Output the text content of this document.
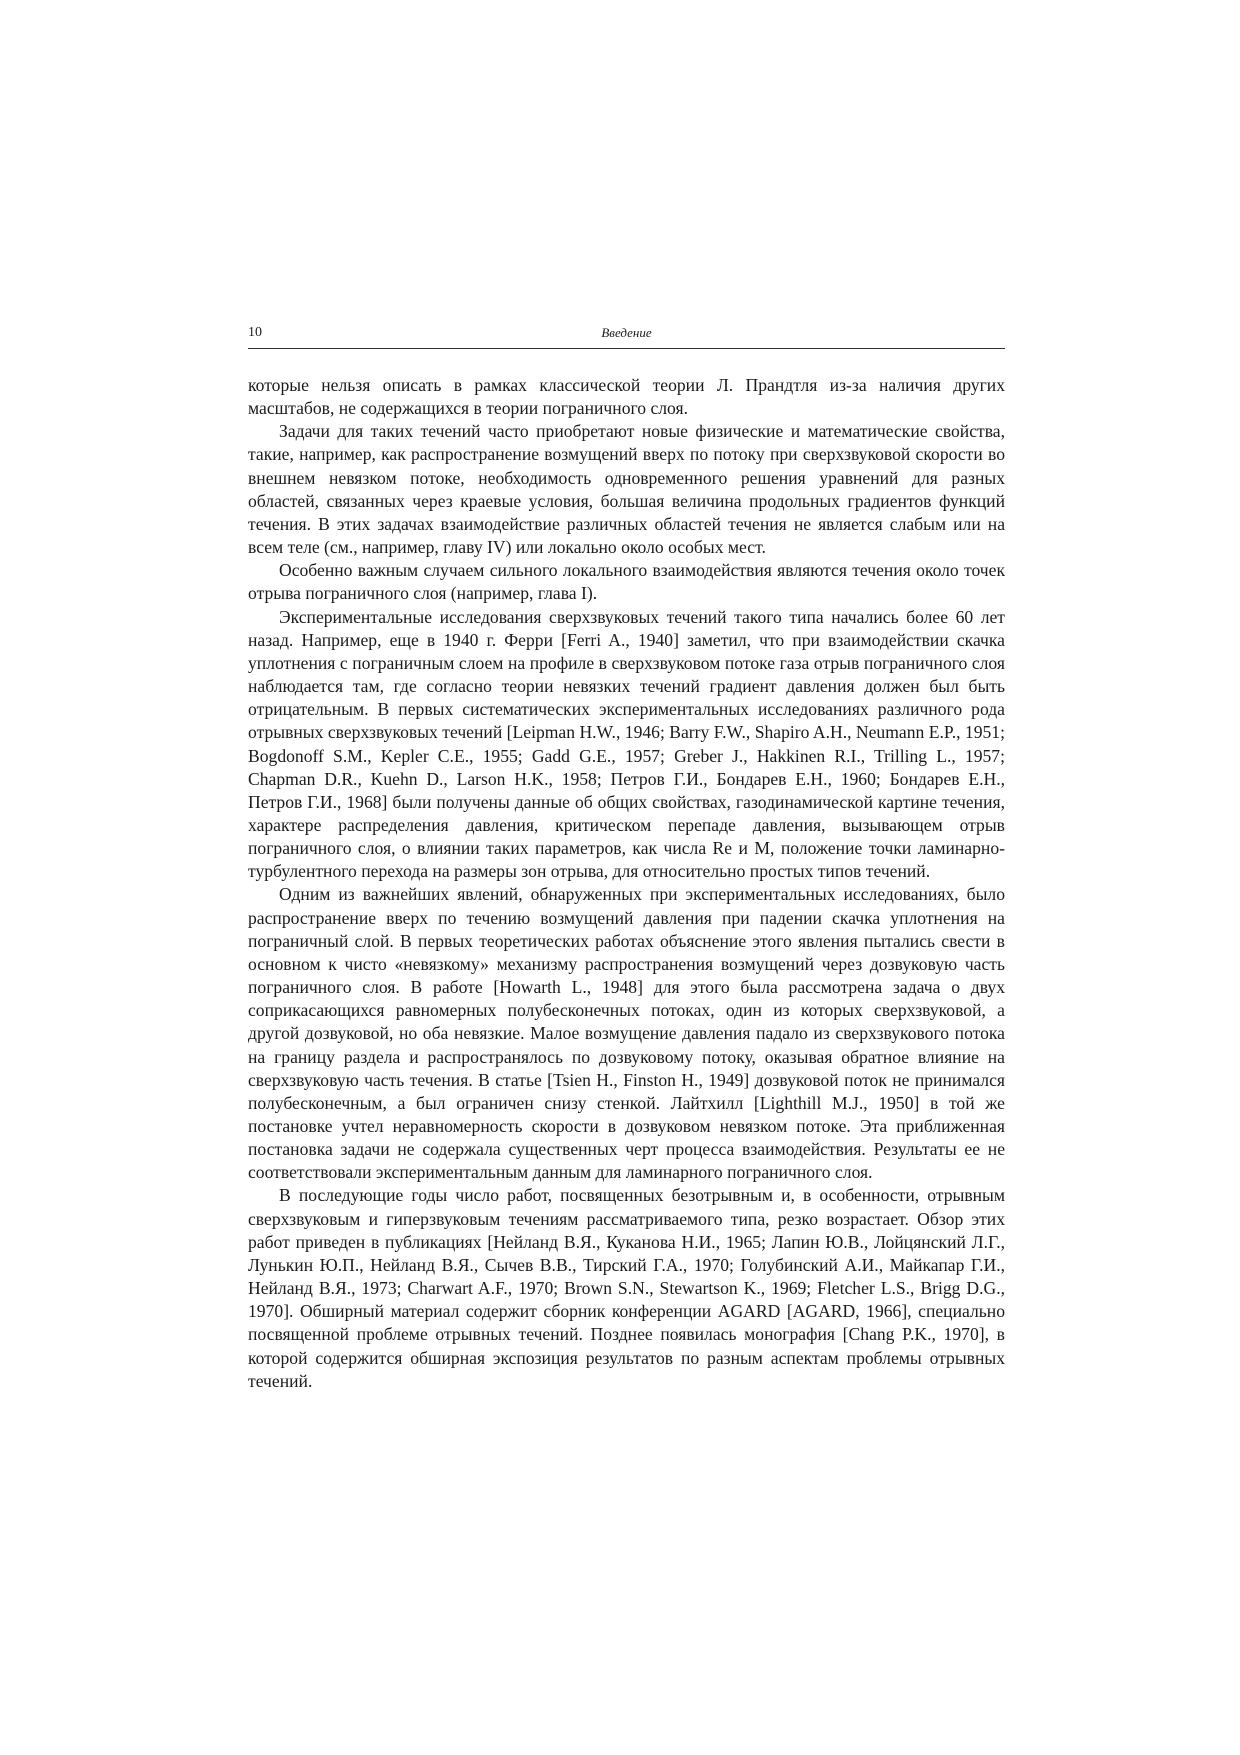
10	Введение

которые нельзя описать в рамках классической теории Л. Прандтля из-за наличия других масштабов, не содержащихся в теории пограничного слоя.

Задачи для таких течений часто приобретают новые физические и математические свойства, такие, например, как распространение возмущений вверх по потоку при сверхзвуковой скорости во внешнем невязком потоке, необходимость одновременного решения уравнений для разных областей, связанных через краевые условия, большая величина продольных градиентов функций течения. В этих задачах взаимодействие различных областей течения не является слабым или на всем теле (см., например, главу IV) или локально около особых мест.

Особенно важным случаем сильного локального взаимодействия являются течения около точек отрыва пограничного слоя (например, глава I).

Экспериментальные исследования сверхзвуковых течений такого типа начались более 60 лет назад. Например, еще в 1940 г. Ферри [Ferri A., 1940] заметил, что при взаимодействии скачка уплотнения с пограничным слоем на профиле в сверхзвуковом потоке газа отрыв пограничного слоя наблюдается там, где согласно теории невязких течений градиент давления должен был быть отрицательным. В первых систематических экспериментальных исследованиях различного рода отрывных сверхзвуковых течений [Leipman H.W., 1946; Barry F.W., Shapiro A.H., Neumann E.P., 1951; Bogdonoff S.M., Kepler C.E., 1955; Gadd G.E., 1957; Greber J., Hakkinen R.I., Trilling L., 1957; Chapman D.R., Kuehn D., Larson H.K., 1958; Петров Г.И., Бондарев Е.Н., 1960; Бондарев Е.Н., Петров Г.И., 1968] были получены данные об общих свойствах, газодинамической картине течения, характере распределения давления, критическом перепаде давления, вызывающем отрыв пограничного слоя, о влиянии таких параметров, как числа Re и M, положение точки ламинарно-турбулентного перехода на размеры зон отрыва, для относительно простых типов течений.

Одним из важнейших явлений, обнаруженных при экспериментальных исследованиях, было распространение вверх по течению возмущений давления при падении скачка уплотнения на пограничный слой. В первых теоретических работах объяснение этого явления пытались свести в основном к чисто «невязкому» механизму распространения возмущений через дозвуковую часть пограничного слоя. В работе [Howarth L., 1948] для этого была рассмотрена задача о двух соприкасающихся равномерных полубесконечных потоках, один из которых сверхзвуковой, а другой дозвуковой, но оба невязкие. Малое возмущение давления падало из сверхзвукового потока на границу раздела и распространялось по дозвуковому потоку, оказывая обратное влияние на сверхзвуковую часть течения. В статье [Tsien H., Finston H., 1949] дозвуковой поток не принимался полубесконечным, а был ограничен снизу стенкой. Лайтхилл [Lighthill M.J., 1950] в той же постановке учтел неравномерность скорости в дозвуковом невязком потоке. Эта приближенная постановка задачи не содержала существенных черт процесса взаимодействия. Результаты ее не соответствовали экспериментальным данным для ламинарного пограничного слоя.

В последующие годы число работ, посвященных безотрывным и, в особенности, отрывным сверхзвуковым и гиперзвуковым течениям рассматриваемого типа, резко возрастает. Обзор этих работ приведен в публикациях [Нейланд В.Я., Куканова Н.И., 1965; Лапин Ю.В., Лойцянский Л.Г., Лунькин Ю.П., Нейланд В.Я., Сычев В.В., Тирский Г.А., 1970; Голубинский А.И., Майкапар Г.И., Нейланд В.Я., 1973; Charwart A.F., 1970; Brown S.N., Stewartson K., 1969; Fletcher L.S., Brigg D.G., 1970]. Обширный материал содержит сборник конференции AGARD [AGARD, 1966], специально посвященной проблеме отрывных течений. Позднее появилась монография [Chang P.K., 1970], в которой содержится обширная экспозиция результатов по разным аспектам проблемы отрывных течений.
